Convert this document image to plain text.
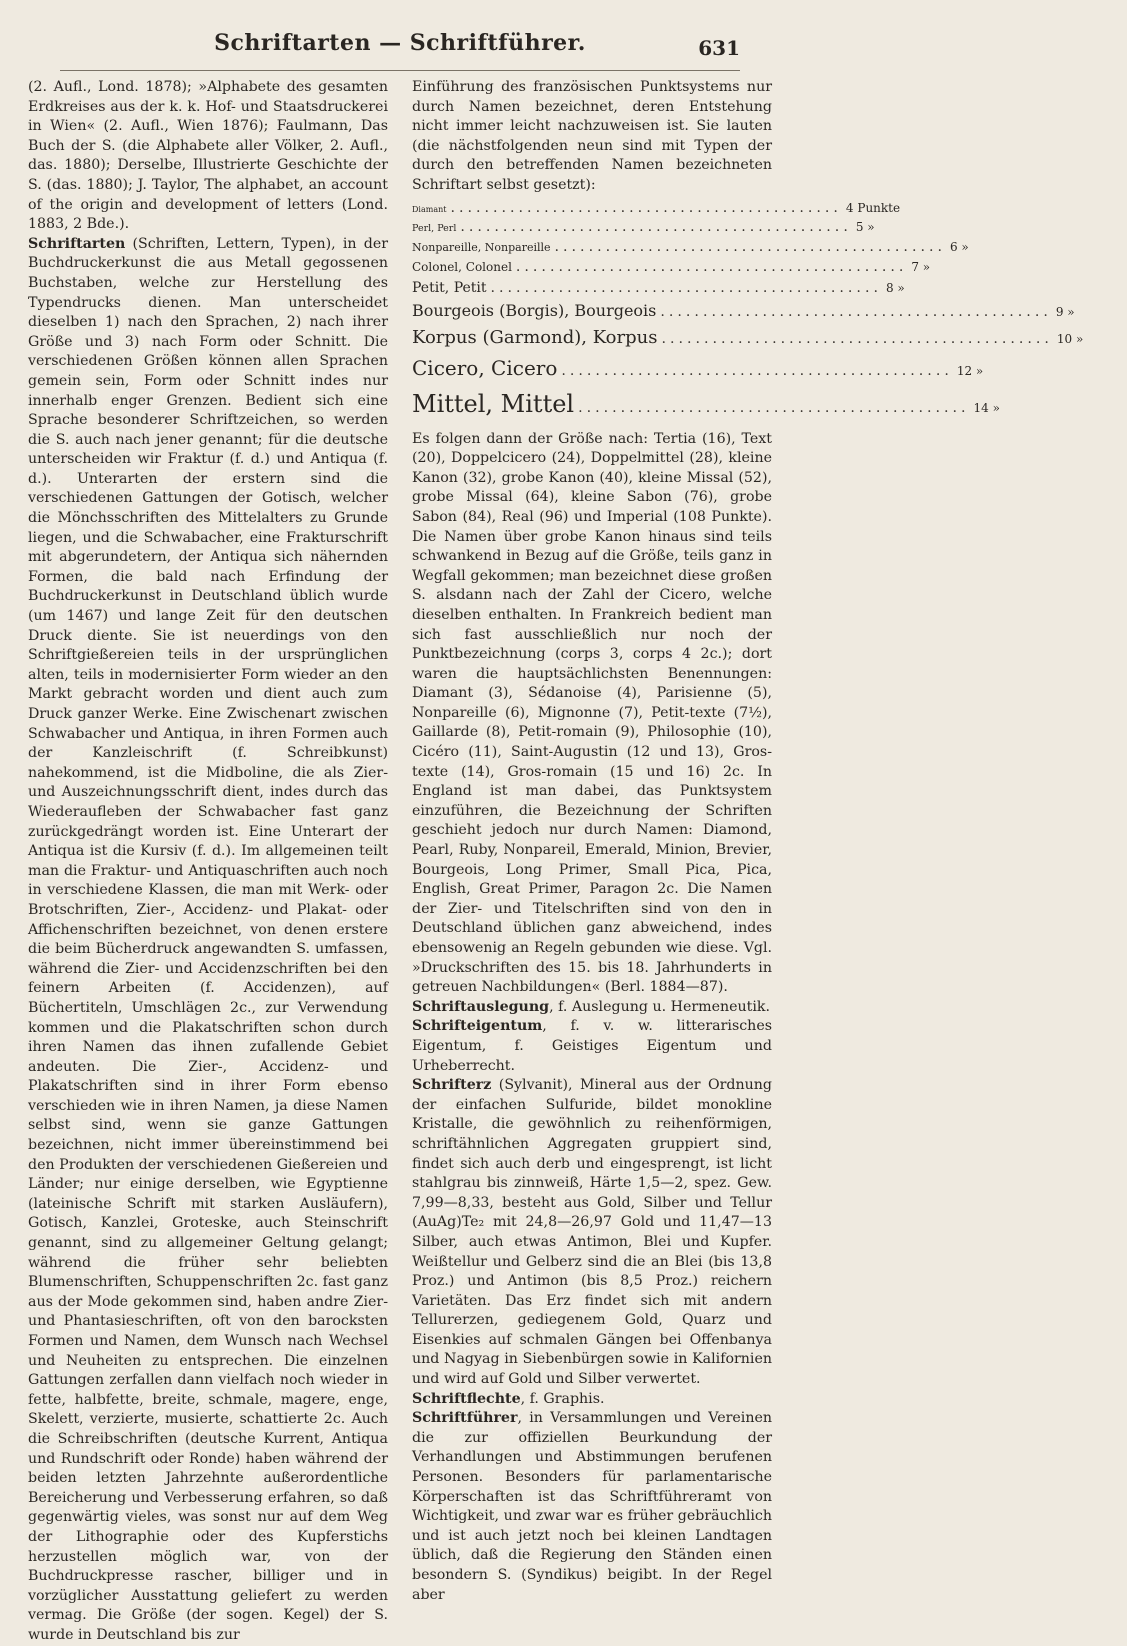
Schriftarten — Schriftführer.	631

(2. Aufl., Lond. 1878); »Alphabete des gesamten Erdkreises aus der k. k. Hof- und Staatsdruckerei in Wien« (2. Aufl., Wien 1876); Faulmann, Das Buch der S. (die Alphabete aller Völker, 2. Aufl., das. 1880); Derselbe, Illustrierte Geschichte der S. (das. 1880); J. Taylor, The alphabet, an account of the origin and development of letters (Lond. 1883, 2 Bde.).

Schriftarten (Schriften, Lettern, Typen), in der Buchdruckerkunst die aus Metall gegossenen Buchstaben, welche zur Herstellung des Typendrucks dienen. Man unterscheidet dieselben 1) nach den Sprachen, 2) nach ihrer Größe und 3) nach Form oder Schnitt. Die verschiedenen Größen können allen Sprachen gemein sein, Form oder Schnitt indes nur innerhalb enger Grenzen. Bedient sich eine Sprache besonderer Schriftzeichen, so werden die S. auch nach jener genannt; für die deutsche unterscheiden wir Fraktur (f. d.) und Antiqua (f. d.). Unterarten der erstern sind die verschiedenen Gattungen der Gotisch, welcher die Mönchsschriften des Mittelalters zu Grunde liegen, und die Schwabacher, eine Frakturschrift mit abgerundetern, der Antiqua sich nähernden Formen, die bald nach Erfindung der Buchdruckerkunst in Deutschland üblich wurde (um 1467) und lange Zeit für den deutschen Druck diente. Sie ist neuerdings von den Schriftgießereien teils in der ursprünglichen alten, teils in modernisierter Form wieder an den Markt gebracht worden und dient auch zum Druck ganzer Werke. Eine Zwischenart zwischen Schwabacher und Antiqua, in ihren Formen auch der Kanzleischrift (f. Schreibkunst) nahekommend, ist die Midboline, die als Zier- und Auszeichnungsschrift dient, indes durch das Wiederaufleben der Schwabacher fast ganz zurückgedrängt worden ist. Eine Unterart der Antiqua ist die Kursiv (f. d.). Im allgemeinen teilt man die Fraktur- und Antiquaschriften auch noch in verschiedene Klassen, die man mit Werk- oder Brotschriften, Zier-, Accidenz- und Plakat- oder Affichenschriften bezeichnet, von denen erstere die beim Bücherdruck angewandten S. umfassen, während die Zier- und Accidenzschriften bei den feinern Arbeiten (f. Accidenzen), auf Büchertiteln, Umschlägen 2c., zur Verwendung kommen und die Plakatschriften schon durch ihren Namen das ihnen zufallende Gebiet andeuten. Die Zier-, Accidenz- und Plakatschriften sind in ihrer Form ebenso verschieden wie in ihren Namen, ja diese Namen selbst sind, wenn sie ganze Gattungen bezeichnen, nicht immer übereinstimmend bei den Produkten der verschiedenen Gießereien und Länder; nur einige derselben, wie Egyptienne (lateinische Schrift mit starken Ausläufern), Gotisch, Kanzlei, Groteske, auch Steinschrift genannt, sind zu allgemeiner Geltung gelangt; während die früher sehr beliebten Blumenschriften, Schuppenschriften 2c. fast ganz aus der Mode gekommen sind, haben andre Zier- und Phantasieschriften, oft von den barocksten Formen und Namen, dem Wunsch nach Wechsel und Neuheiten zu entsprechen. Die einzelnen Gattungen zerfallen dann vielfach noch wieder in fette, halbfette, breite, schmale, magere, enge, Skelett, verzierte, musierte, schattierte 2c. Auch die Schreibschriften (deutsche Kurrent, Antiqua und Rundschrift oder Ronde) haben während der beiden letzten Jahrzehnte außerordentliche Bereicherung und Verbesserung erfahren, so daß gegenwärtig vieles, was sonst nur auf dem Weg der Lithographie oder des Kupferstichs herzustellen möglich war, von der Buchdruckpresse rascher, billiger und in vorzüglicher Ausstattung geliefert zu werden vermag. Die Größe (der sogen. Kegel) der S. wurde in Deutschland bis zur

Einführung des französischen Punktsystems nur durch Namen bezeichnet, deren Entstehung nicht immer leicht nachzuweisen ist. Sie lauten (die nächstfolgenden neun sind mit Typen der durch den betreffenden Namen bezeichneten Schriftart selbst gesetzt):

Diamant .............................................. 4 Punkte
Perl, Perl .............................................. 5 »
Nonpareille, Nonpareille .............................................. 6 »
Colonel, Colonel .............................................. 7 »
Petit, Petit .............................................. 8 »
Bourgeois (Borgis), Bourgeois .............................................. 9 »
Korpus (Garmond), Korpus .............................................. 10 »
Cicero, Cicero .............................................. 12 »
Mittel, Mittel .............................................. 14 »

Es folgen dann der Größe nach: Tertia (16), Text (20), Doppelcicero (24), Doppelmittel (28), kleine Kanon (32), grobe Kanon (40), kleine Missal (52), grobe Missal (64), kleine Sabon (76), grobe Sabon (84), Real (96) und Imperial (108 Punkte). Die Namen über grobe Kanon hinaus sind teils schwankend in Bezug auf die Größe, teils ganz in Wegfall gekommen; man bezeichnet diese großen S. alsdann nach der Zahl der Cicero, welche dieselben enthalten. In Frankreich bedient man sich fast ausschließlich nur noch der Punktbezeichnung (corps 3, corps 4 2c.); dort waren die hauptsächlichsten Benennungen: Diamant (3), Sédanoise (4), Parisienne (5), Nonpareille (6), Mignonne (7), Petit-texte (7½), Gaillarde (8), Petit-romain (9), Philosophie (10), Cicéro (11), Saint-Augustin (12 und 13), Gros-texte (14), Gros-romain (15 und 16) 2c. In England ist man dabei, das Punktsystem einzuführen, die Bezeichnung der Schriften geschieht jedoch nur durch Namen: Diamond, Pearl, Ruby, Nonpareil, Emerald, Minion, Brevier, Bourgeois, Long Primer, Small Pica, Pica, English, Great Primer, Paragon 2c. Die Namen der Zier- und Titelschriften sind von den in Deutschland üblichen ganz abweichend, indes ebensowenig an Regeln gebunden wie diese. Vgl. »Druckschriften des 15. bis 18. Jahrhunderts in getreuen Nachbildungen« (Berl. 1884—87).

Schriftauslegung, f. Auslegung u. Hermeneutik.

Schrifteigentum, f. v. w. litterarisches Eigentum, f. Geistiges Eigentum und Urheberrecht.

Schrifterz (Sylvanit), Mineral aus der Ordnung der einfachen Sulfuride, bildet monokline Kristalle, die gewöhnlich zu reihenförmigen, schriftähnlichen Aggregaten gruppiert sind, findet sich auch derb und eingesprengt, ist licht stahlgrau bis zinnweiß, Härte 1,5—2, spez. Gew. 7,99—8,33, besteht aus Gold, Silber und Tellur (AuAg)Te₂ mit 24,8—26,97 Gold und 11,47—13 Silber, auch etwas Antimon, Blei und Kupfer. Weißtellur und Gelberz sind die an Blei (bis 13,8 Proz.) und Antimon (bis 8,5 Proz.) reichern Varietäten. Das Erz findet sich mit andern Tellurerzen, gediegenem Gold, Quarz und Eisenkies auf schmalen Gängen bei Offenbanya und Nagyag in Siebenbürgen sowie in Kalifornien und wird auf Gold und Silber verwertet.

Schriftflechte, f. Graphis.

Schriftführer, in Versammlungen und Vereinen die zur offiziellen Beurkundung der Verhandlungen und Abstimmungen berufenen Personen. Besonders für parlamentarische Körperschaften ist das Schriftführeramt von Wichtigkeit, und zwar war es früher gebräuchlich und ist auch jetzt noch bei kleinen Landtagen üblich, daß die Regierung den Ständen einen besondern S. (Syndikus) beigibt. In der Regel aber
